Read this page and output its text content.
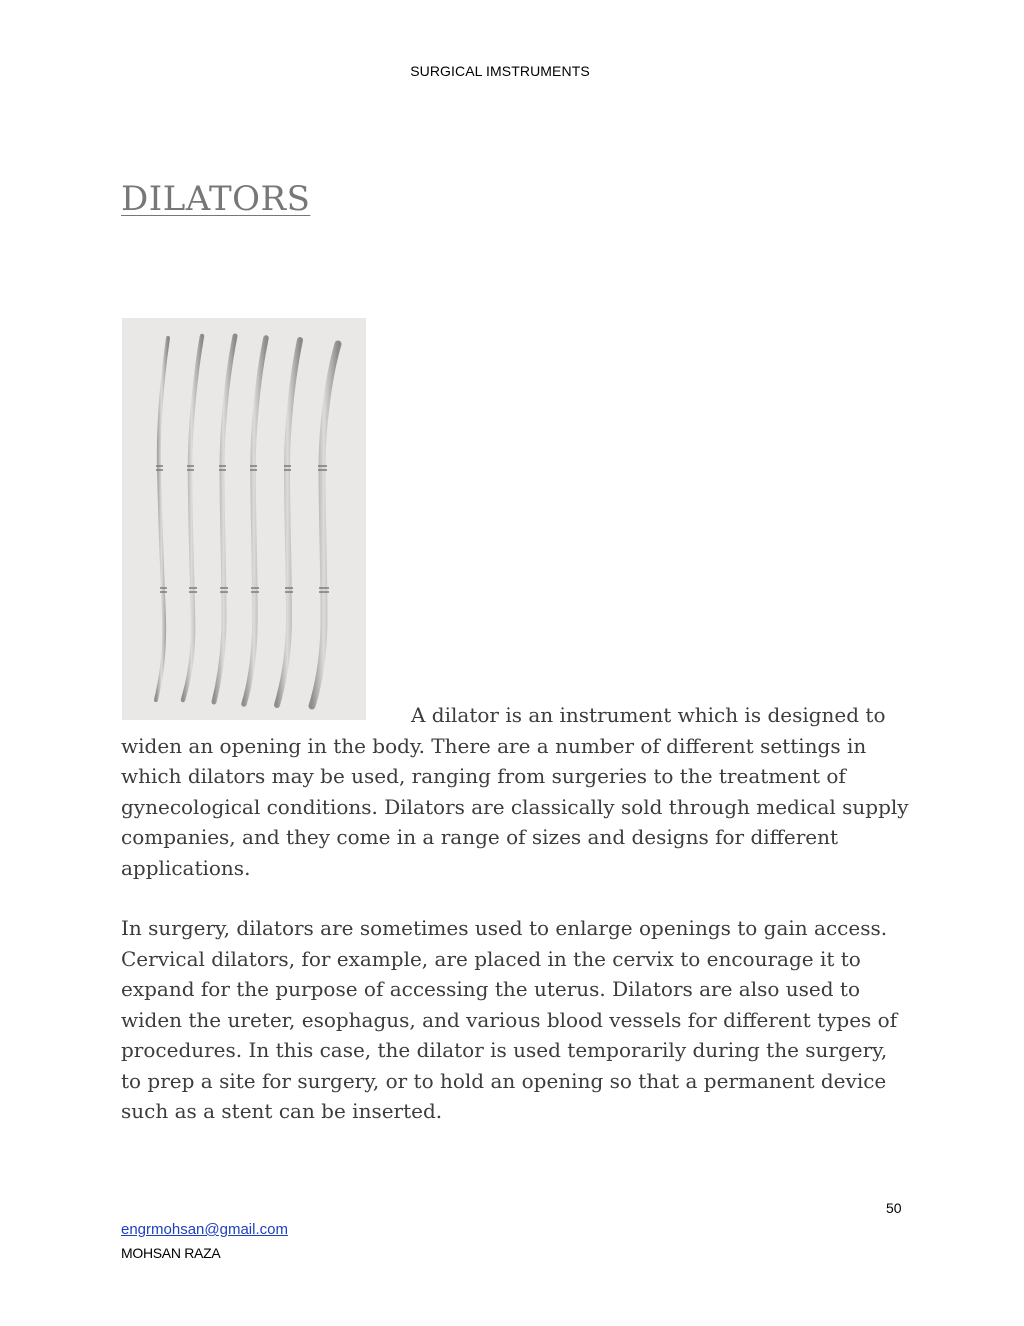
SURGICAL IMSTRUMENTS
DILATORS

A dilator is an instrument which is designed to widen an opening in the body. There are a number of different settings in which dilators may be used, ranging from surgeries to the treatment of gynecological conditions. Dilators are classically sold through medical supply companies, and they come in a range of sizes and designs for different applications.

In surgery, dilators are sometimes used to enlarge openings to gain access. Cervical dilators, for example, are placed in the cervix to encourage it to expand for the purpose of accessing the uterus. Dilators are also used to widen the ureter, esophagus, and various blood vessels for different types of procedures. In this case, the dilator is used temporarily during the surgery, to prep a site for surgery, or to hold an opening so that a permanent device such as a stent can be inserted.

50
engrmohsan@gmail.com
MOHSAN RAZA
